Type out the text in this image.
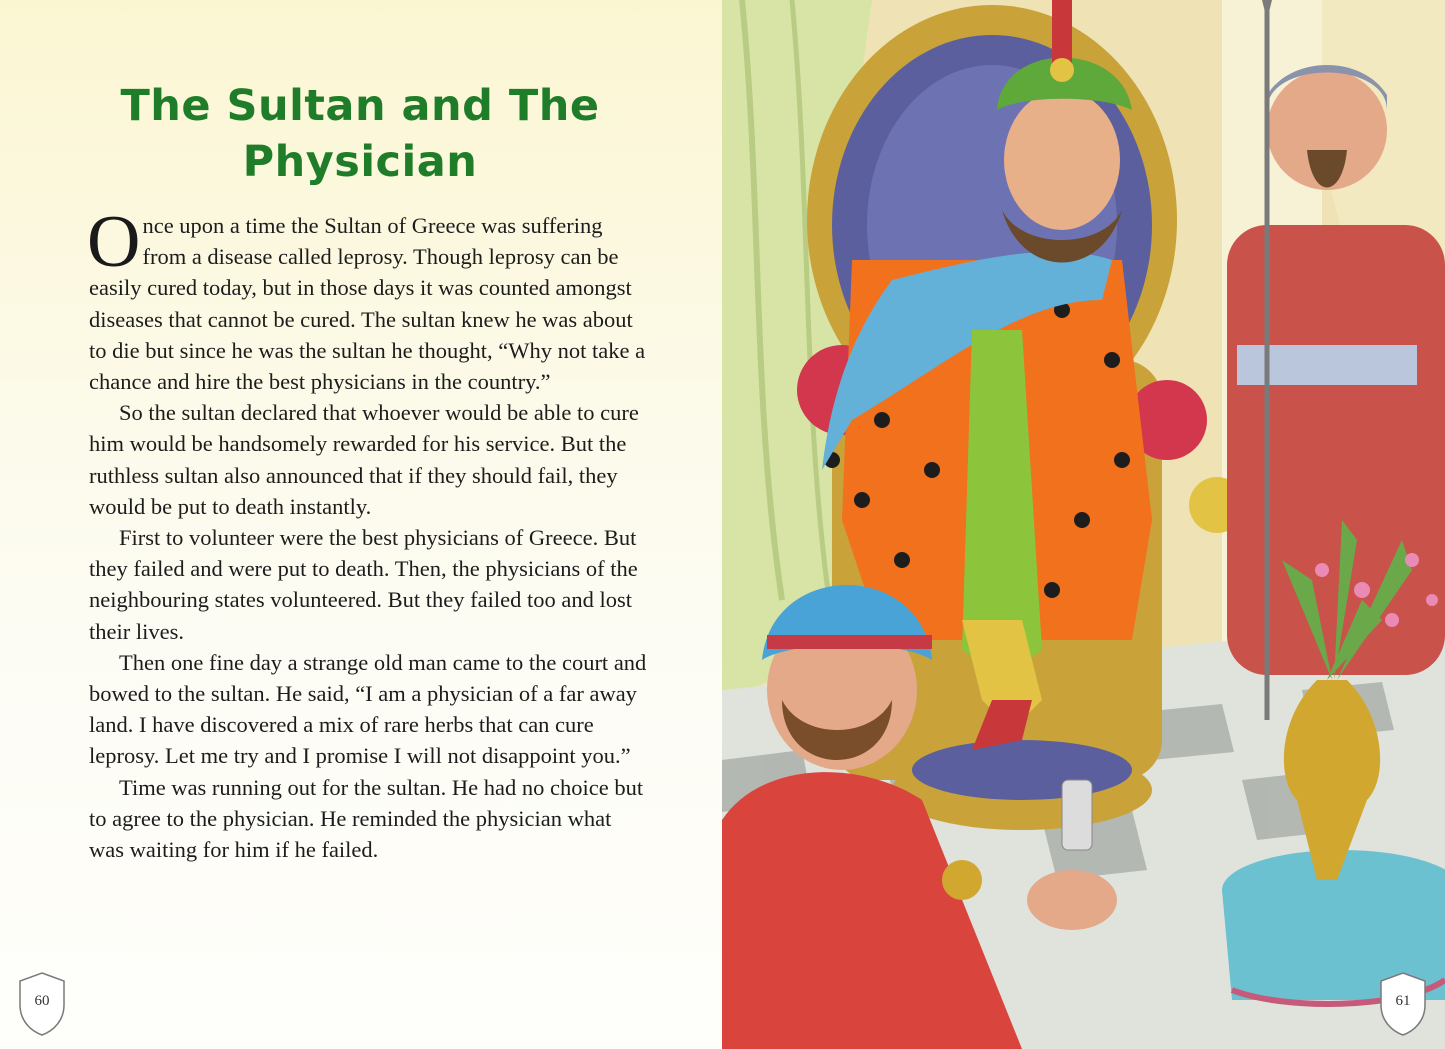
The Sultan and The Physician

Once upon a time the Sultan of Greece was suffering from a disease called leprosy. Though leprosy can be easily cured today, but in those days it was counted amongst diseases that cannot be cured. The sultan knew he was about to die but since he was the sultan he thought, “Why not take a chance and hire the best physicians in the country.”

So the sultan declared that whoever would be able to cure him would be handsomely rewarded for his service. But the ruthless sultan also announced that if they should fail, they would be put to death instantly.

First to volunteer were the best physicians of Greece. But they failed and were put to death. Then, the physicians of the neighbouring states volunteered. But they failed too and lost their lives.

Then one fine day a strange old man came to the court and bowed to the sultan. He said, “I am a physician of a far away land. I have discovered a mix of rare herbs that can cure leprosy. Let me try and I promise I will not disappoint you.”

Time was running out for the sultan. He had no choice but to agree to the physician. He reminded the physician what was waiting for him if he failed.

60	61
